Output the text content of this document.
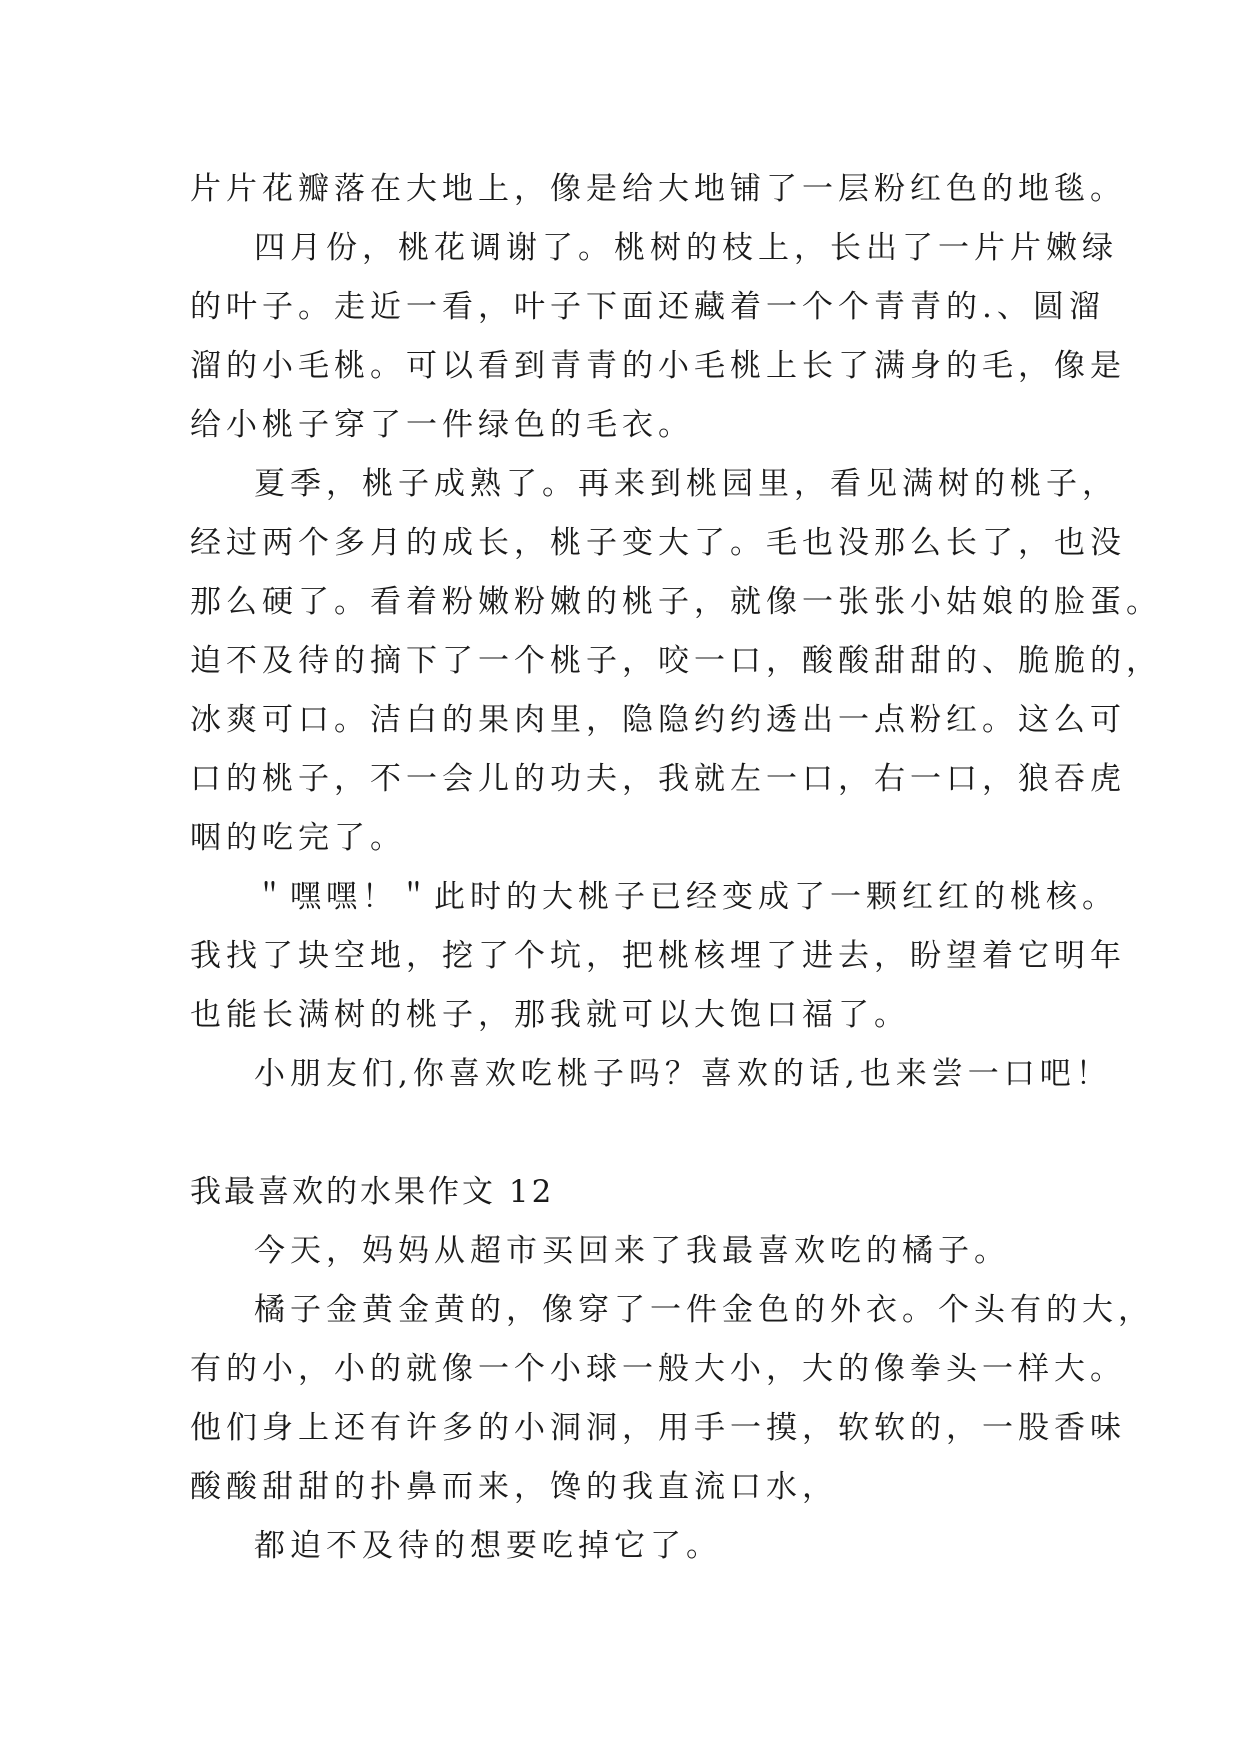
片片花瓣落在大地上，像是给大地铺了一层粉红色的地毯。
四月份，桃花调谢了。桃树的枝上，长出了一片片嫩绿
的叶子。走近一看，叶子下面还藏着一个个青青的.、圆溜
溜的小毛桃。可以看到青青的小毛桃上长了满身的毛，像是
给小桃子穿了一件绿色的毛衣。
夏季，桃子成熟了。再来到桃园里，看见满树的桃子，
经过两个多月的成长，桃子变大了。毛也没那么长了，也没
那么硬了。看着粉嫩粉嫩的桃子，就像一张张小姑娘的脸蛋。
迫不及待的摘下了一个桃子，咬一口，酸酸甜甜的、脆脆的，
冰爽可口。洁白的果肉里，隐隐约约透出一点粉红。这么可
口的桃子，不一会儿的功夫，我就左一口，右一口，狼吞虎
咽的吃完了。
＂嘿嘿！＂此时的大桃子已经变成了一颗红红的桃核。
我找了块空地，挖了个坑，把桃核埋了进去，盼望着它明年
也能长满树的桃子，那我就可以大饱口福了。
小朋友们,你喜欢吃桃子吗？喜欢的话,也来尝一口吧！
我最喜欢的水果作文 12
今天，妈妈从超市买回来了我最喜欢吃的橘子。
橘子金黄金黄的，像穿了一件金色的外衣。个头有的大，
有的小，小的就像一个小球一般大小，大的像拳头一样大。
他们身上还有许多的小洞洞，用手一摸，软软的，一股香味
酸酸甜甜的扑鼻而来，馋的我直流口水，
都迫不及待的想要吃掉它了。
